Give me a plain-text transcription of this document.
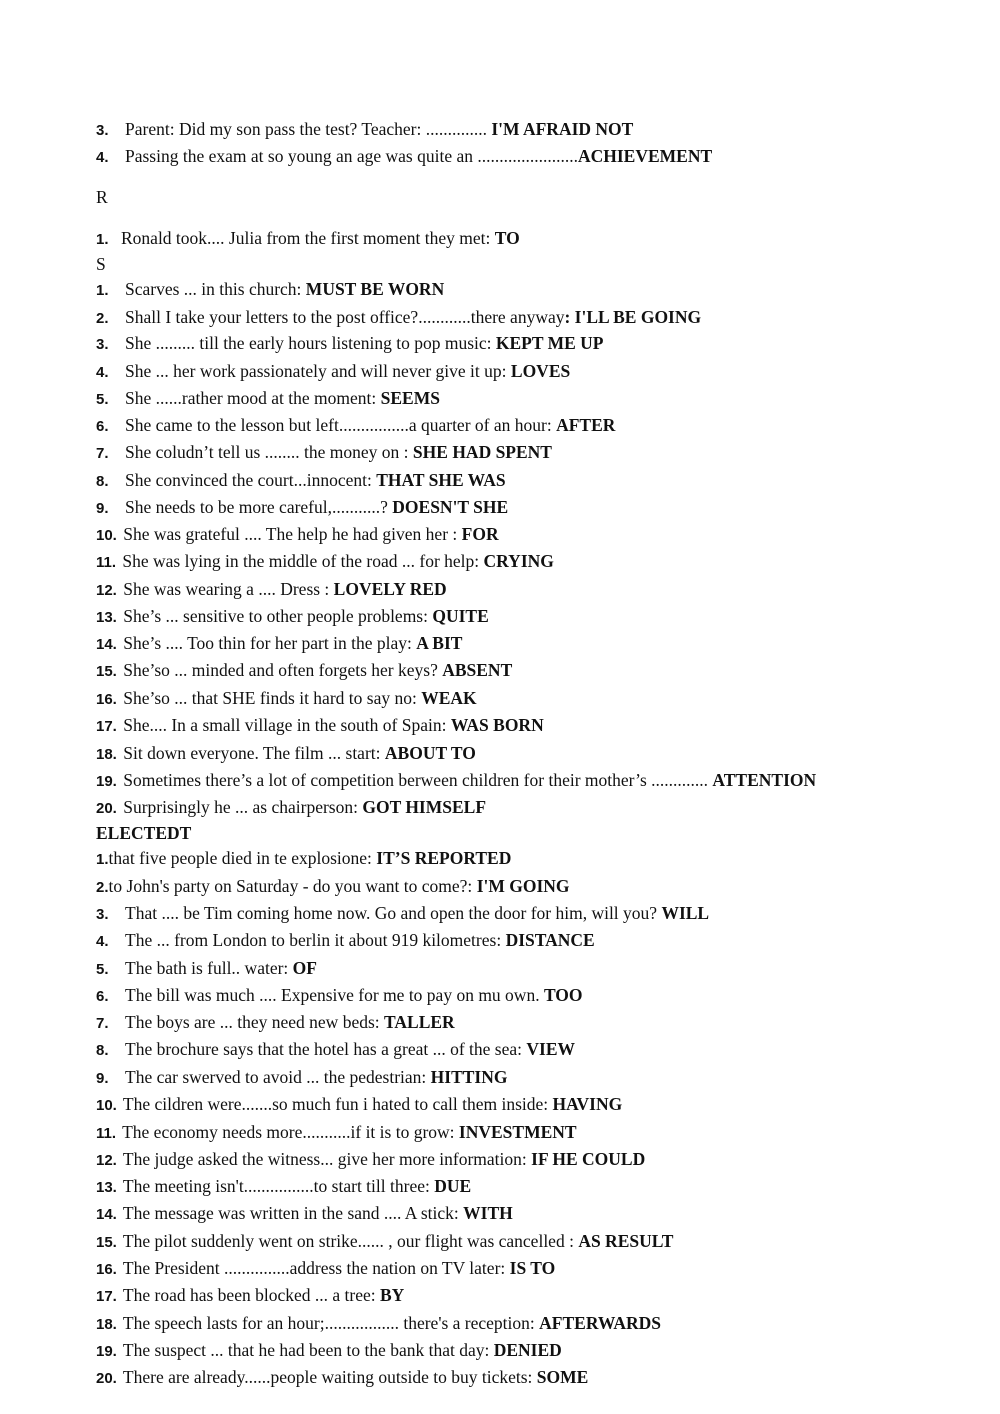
3. Parent: Did my son pass the test? Teacher: .............. I'M AFRAID NOT
4. Passing the exam at so young an age was quite an .......................ACHIEVEMENT
R
1. Ronald took.... Julia from the first moment they met: TO
S
1. Scarves ... in this church: MUST BE WORN
2. Shall I take your letters to the post office?............there anyway: I'LL BE GOING
3. She ......... till the early hours listening to pop music: KEPT ME UP
4. She ... her work passionately and will never give it up: LOVES
5. She ......rather mood at the moment: SEEMS
6. She came to the lesson but left................a quarter of an hour: AFTER
7. She coludn’t tell us ........ the money on : SHE HAD SPENT
8. She convinced the court...innocent: THAT SHE WAS
9. She needs to be more careful,...........? DOESN'T SHE
10. She was grateful .... The help he had given her : FOR
11. She was lying in the middle of the road ... for help: CRYING
12. She was wearing a .... Dress : LOVELY RED
13. She’s ... sensitive to other people problems: QUITE
14. She’s .... Too thin for her part in the play: A BIT
15. She’so ... minded and often forgets her keys? ABSENT
16. She’so ... that SHE finds it hard to say no: WEAK
17. She.... In a small village in the south of Spain: WAS BORN
18. Sit down everyone. The film ... start: ABOUT TO
19. Sometimes there’s a lot of competition berween children for their mother’s ............. ATTENTION
20. Surprisingly he ... as chairperson: GOT HIMSELF
ELECTEDT
1.that five people died in te explosione: IT’S REPORTED
2.to John's party on Saturday - do you want to come?: I'M GOING
3. That .... be Tim coming home now. Go and open the door for him, will you? WILL
4. The ... from London to berlin it about 919 kilometres: DISTANCE
5. The bath is full.. water: OF
6. The bill was much .... Expensive for me to pay on mu own. TOO
7. The boys are ... they need new beds: TALLER
8. The brochure says that the hotel has a great ... of the sea: VIEW
9. The car swerved to avoid ... the pedestrian: HITTING
10. The cildren were.......so much fun i hated to call them inside: HAVING
11. The economy needs more...........if it is to grow: INVESTMENT
12. The judge asked the witness... give her more information: IF HE COULD
13. The meeting isn't................to start till three: DUE
14. The message was written in the sand .... A stick: WITH
15. The pilot suddenly went on strike...... , our flight was cancelled : AS RESULT
16. The President ...............address the nation on TV later: IS TO
17. The road has been blocked ... a tree: BY
18. The speech lasts for an hour;................. there's a reception: AFTERWARDS
19. The suspect ... that he had been to the bank that day: DENIED
20. There are already......people waiting outside to buy tickets: SOME
